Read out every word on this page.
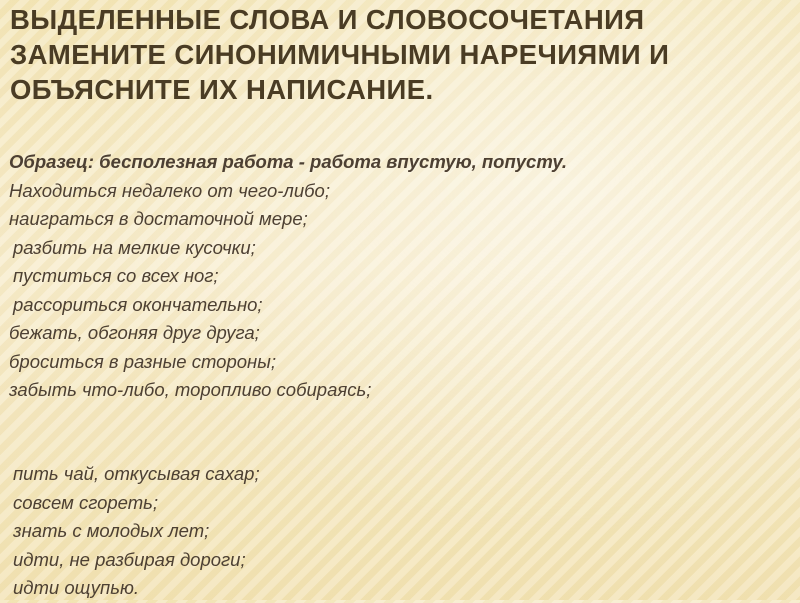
ВЫДЕЛЕННЫЕ СЛОВА И СЛОВОСОЧЕТАНИЯ
ЗАМЕНИТЕ СИНОНИМИЧНЫМИ НАРЕЧИЯМИ И
ОБЪЯСНИТЕ ИХ НАПИСАНИЕ.
Образец: бесполезная работа - работа впустую, попусту.
Находиться недалеко от чего-либо;
наиграться в достаточной мере;
разбить на мелкие кусочки;
пуститься со всех ног;
рассориться окончательно;
бежать, обгоняя друг друга;
броситься в разные стороны;
забыть что-либо, торопливо собираясь;
пить чай, откусывая сахар;
совсем сгореть;
знать с молодых лет;
идти, не разбирая дороги;
идти ощупью.
